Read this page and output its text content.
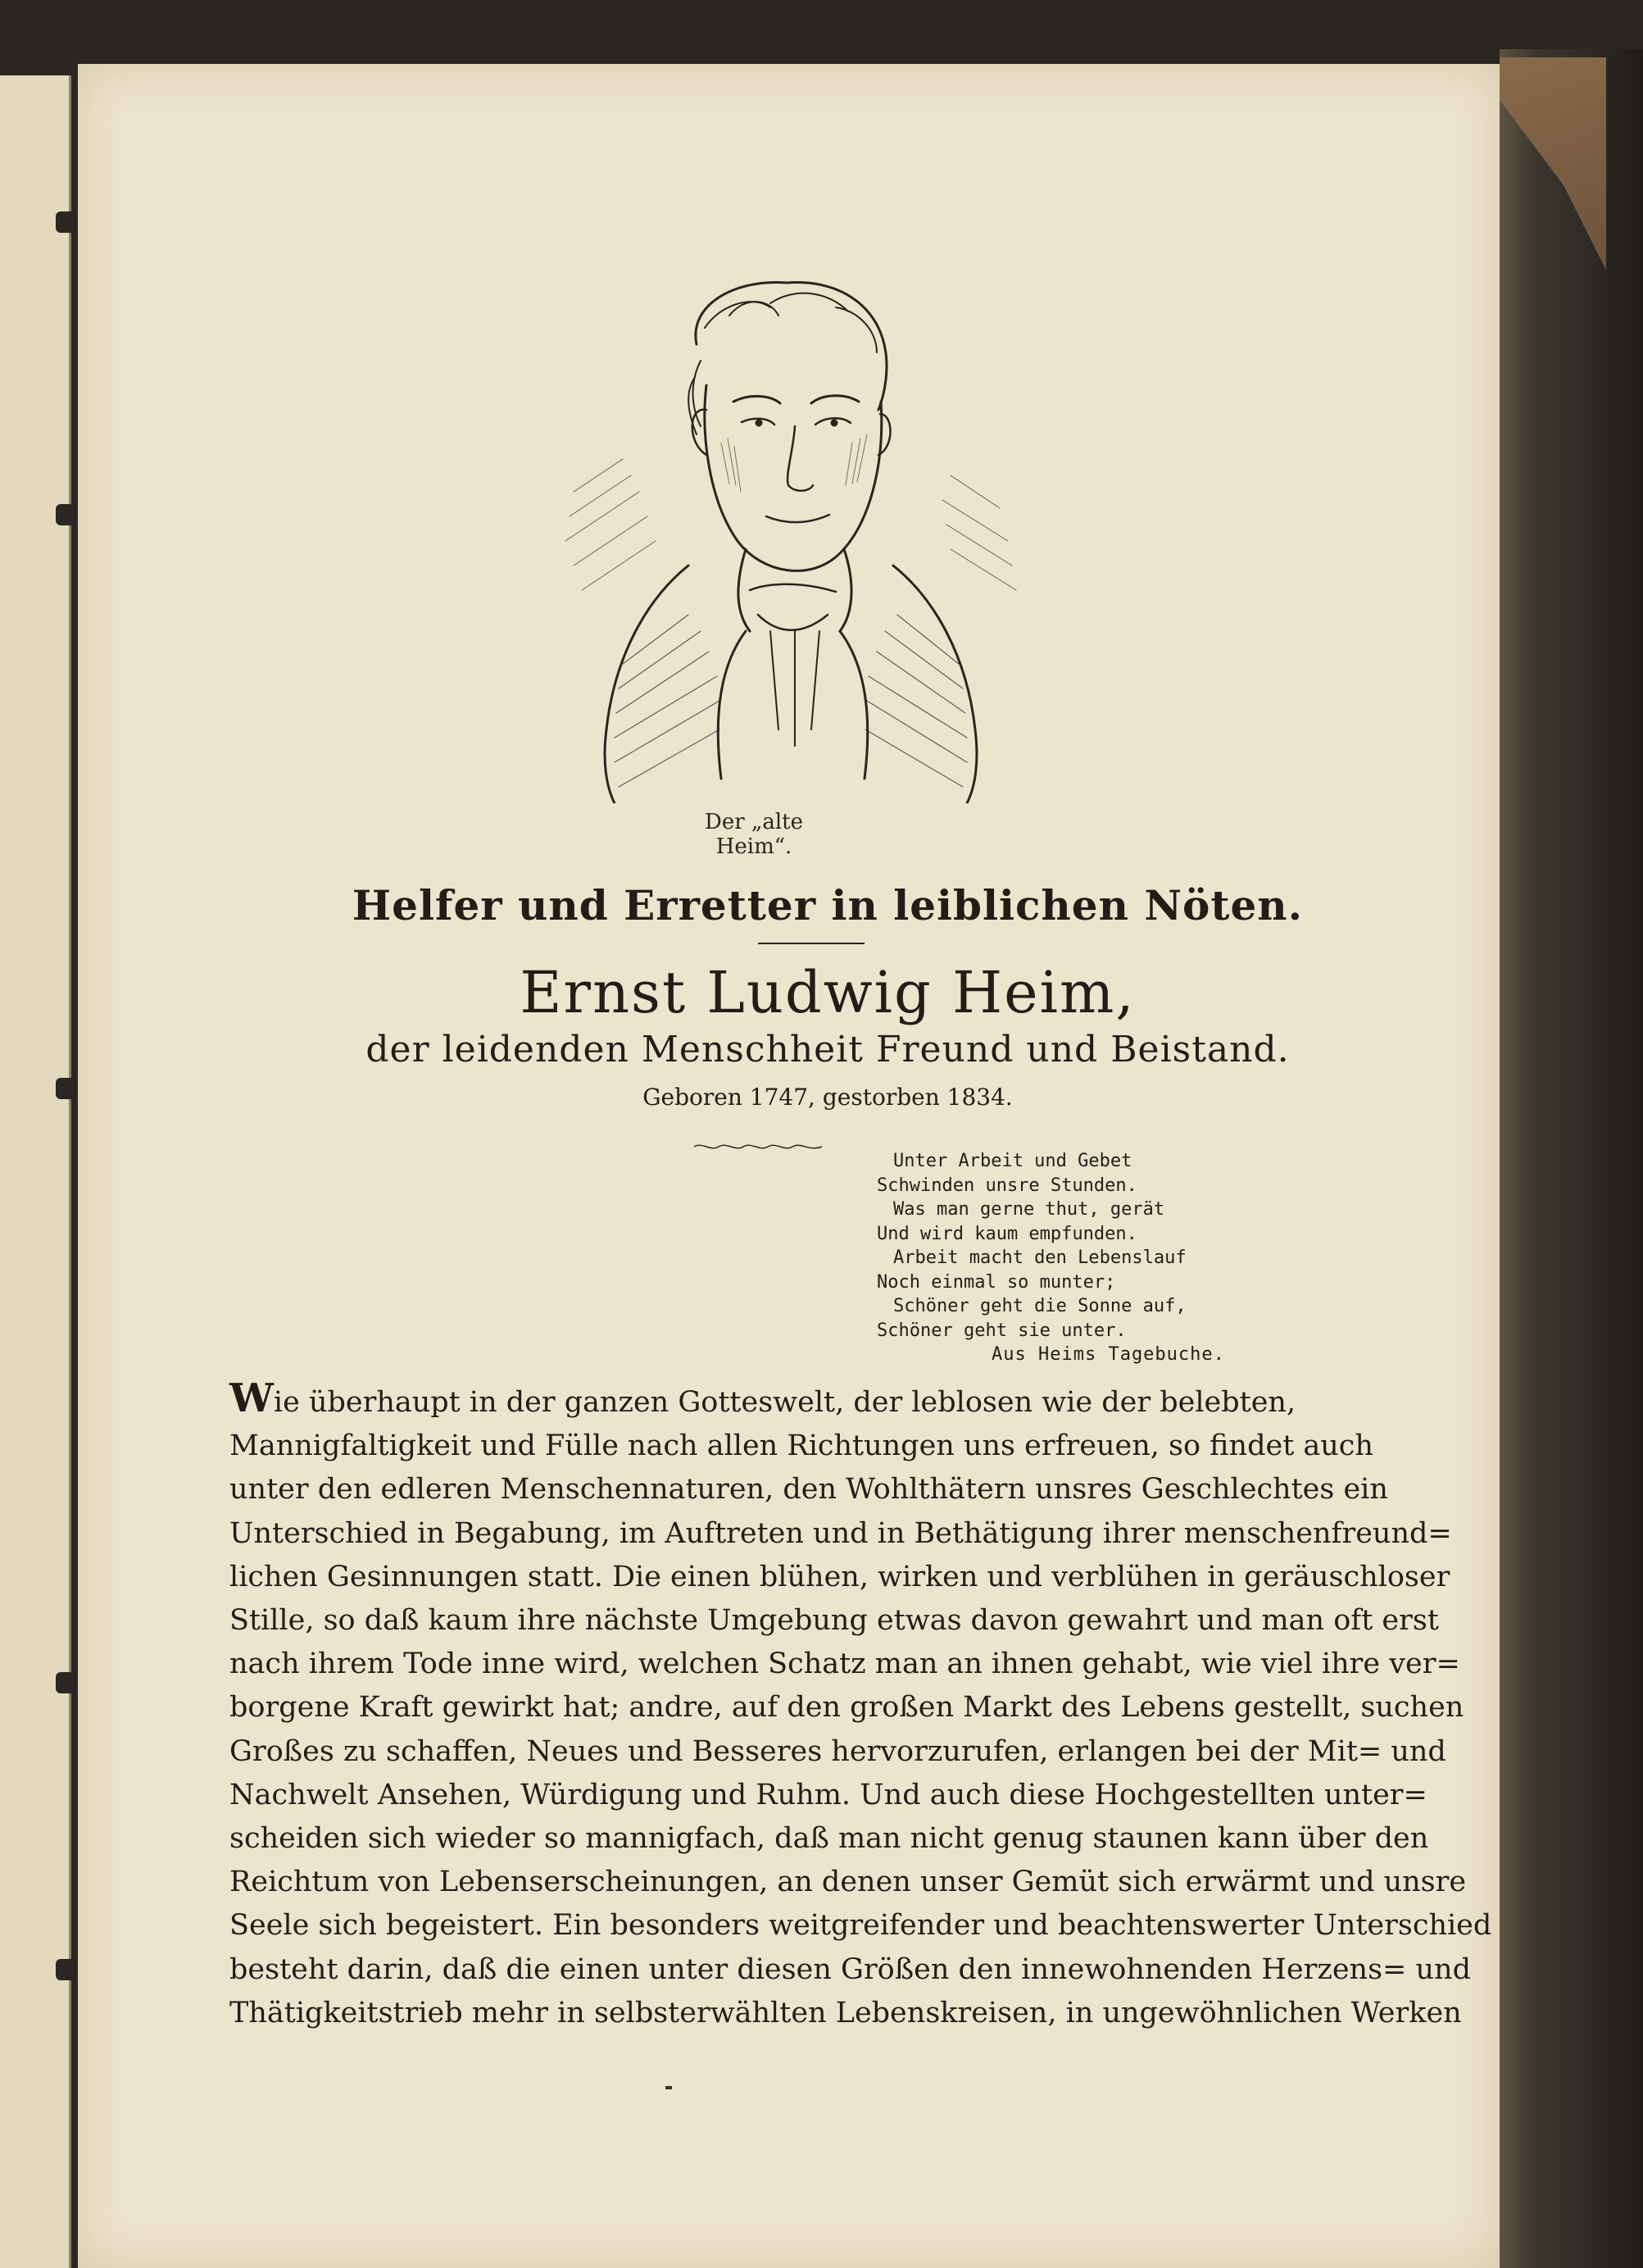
Der „alte Heim“.
Helfer und Erretter in leiblichen Nöten.
Ernst Ludwig Heim,
der leidenden Menschheit Freund und Beistand.
Geboren 1747, gestorben 1834.
Unter Arbeit und Gebet
Schwinden unsre Stunden.
Was man gerne thut, gerät
Und wird kaum empfunden.
Arbeit macht den Lebenslauf
Noch einmal so munter;
Schöner geht die Sonne auf,
Schöner geht sie unter.
Aus Heims Tagebuche.
Wie überhaupt in der ganzen Gotteswelt, der leblosen wie der belebten,
Mannigfaltigkeit und Fülle nach allen Richtungen uns erfreuen, so findet auch
unter den edleren Menschennaturen, den Wohlthätern unsres Geschlechtes ein
Unterschied in Begabung, im Auftreten und in Bethätigung ihrer menschenfreund=
lichen Gesinnungen statt. Die einen blühen, wirken und verblühen in geräuschloser
Stille, so daß kaum ihre nächste Umgebung etwas davon gewahrt und man oft erst
nach ihrem Tode inne wird, welchen Schatz man an ihnen gehabt, wie viel ihre ver=
borgene Kraft gewirkt hat; andre, auf den großen Markt des Lebens gestellt, suchen
Großes zu schaffen, Neues und Besseres hervorzurufen, erlangen bei der Mit= und
Nachwelt Ansehen, Würdigung und Ruhm. Und auch diese Hochgestellten unter=
scheiden sich wieder so mannigfach, daß man nicht genug staunen kann über den
Reichtum von Lebenserscheinungen, an denen unser Gemüt sich erwärmt und unsre
Seele sich begeistert. Ein besonders weitgreifender und beachtenswerter Unterschied
besteht darin, daß die einen unter diesen Größen den innewohnenden Herzens= und
Thätigkeitstrieb mehr in selbsterwählten Lebenskreisen, in ungewöhnlichen Werken
